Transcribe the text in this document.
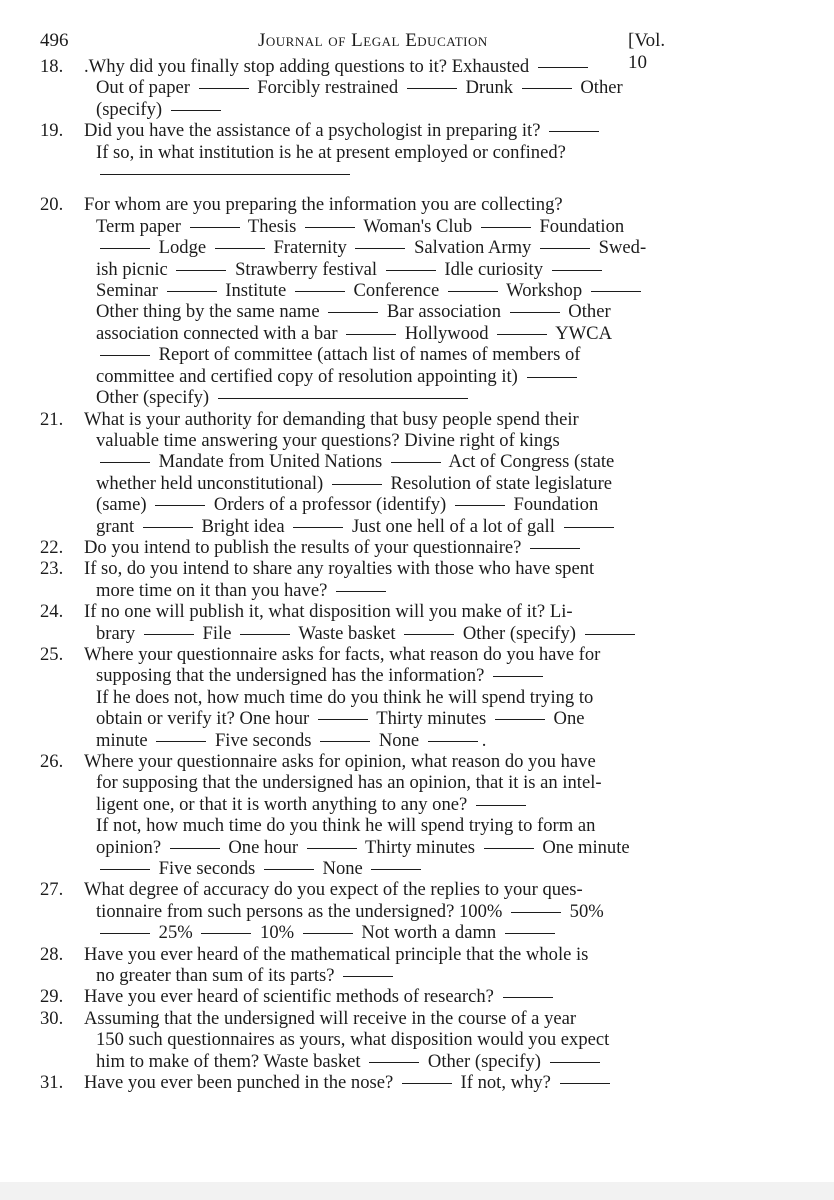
496	Journal of Legal Education	[Vol. 10
18.	.Why did you finally stop adding questions to it? Exhausted
Out of paper	Forcibly restrained	Drunk	Other
(specify)
19.	Did you have the assistance of a psychologist in preparing it?
If so, in what institution is he at present employed or confined?
20.	For whom are you preparing the information you are collecting?
Term paper	Thesis	Woman's Club	Foundation
Lodge	Fraternity	Salvation Army	Swed-
ish picnic	Strawberry festival	Idle curiosity
Seminar	Institute	Conference	Workshop
Other thing by the same name	Bar association	Other
association connected with a bar	Hollywood	YWCA
Report of committee (attach list of names of members of
committee and certified copy of resolution appointing it)
Other (specify)
21.	What is your authority for demanding that busy people spend their
valuable time answering your questions? Divine right of kings
Mandate from United Nations	Act of Congress (state
whether held unconstitutional)	Resolution of state legislature
(same)	Orders of a professor (identify)	Foundation
grant	Bright idea	Just one hell of a lot of gall
22.	Do you intend to publish the results of your questionnaire?
23.	If so, do you intend to share any royalties with those who have spent
more time on it than you have?
24.	If no one will publish it, what disposition will you make of it? Li-
brary	File	Waste basket	Other (specify)
25.	Where your questionnaire asks for facts, what reason do you have for
supposing that the undersigned has the information?
If he does not, how much time do you think he will spend trying to
obtain or verify it? One hour	Thirty minutes	One
minute	Five seconds	None	.
26.	Where your questionnaire asks for opinion, what reason do you have
for supposing that the undersigned has an opinion, that it is an intel-
ligent one, or that it is worth anything to any one?
If not, how much time do you think he will spend trying to form an
opinion?	One hour	Thirty minutes	One minute
Five seconds	None
27.	What degree of accuracy do you expect of the replies to your ques-
tionnaire from such persons as the undersigned? 100%	50%
25%	10%	Not worth a damn
28.	Have you ever heard of the mathematical principle that the whole is
no greater than sum of its parts?
29.	Have you ever heard of scientific methods of research?
30.	Assuming that the undersigned will receive in the course of a year
150 such questionnaires as yours, what disposition would you expect
him to make of them? Waste basket	Other (specify)
31.	Have you ever been punched in the nose?	If not, why?
